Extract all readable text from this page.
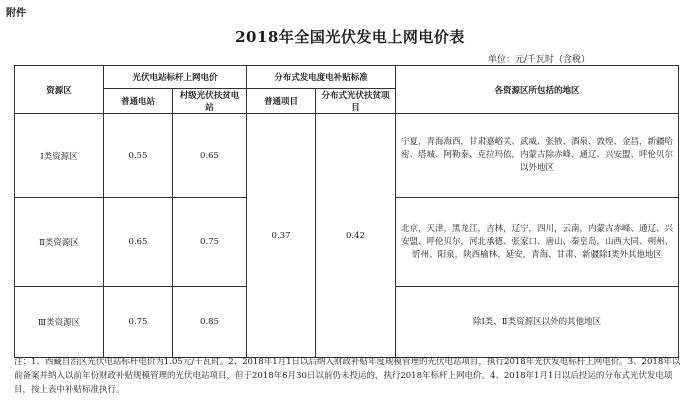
附件
2018年全国光伏发电上网电价表
单位：元/千瓦时（含税）
资源区	光伏电站标杆上网电价		分布式发电度电补贴标准		各资源区所包括的地区
	普通电站	村级光伏扶贫电站	普通项目	分布式光伏扶贫项目	
Ⅰ类资源区	0.55	0.65	0.37	0.42	宁夏，青海海西，甘肃嘉峪关、武威、张掖、酒泉、敦煌、金昌，新疆哈密、塔城、阿勒泰、克拉玛依，内蒙古除赤峰、通辽、兴安盟、呼伦贝尔以外地区
Ⅱ类资源区	0.65	0.75			北京，天津，黑龙江，吉林，辽宁，四川，云南，内蒙古赤峰、通辽、兴安盟、呼伦贝尔，河北承德、张家口、唐山、秦皇岛，山西大同、朔州、忻州、阳泉，陕西榆林、延安，青海、甘肃、新疆除Ⅰ类外其他地区
Ⅲ类资源区	0.75	0.85			除Ⅰ类、Ⅱ类资源区以外的其他地区
注：1、西藏自治区光伏电站标杆电价为1.05元/千瓦时。2、2018年1月1日以后纳入财政补贴年度规模管理的光伏电站项目，执行2018年光伏发电标杆上网电价。3、2018年以前备案并纳入以前年份财政补贴规模管理的光伏电站项目，但于2018年6月30日以前仍未投运的，执行2018年标杆上网电价。4、2018年1月1日以后投运的分布式光伏发电项目，按上表中补贴标准执行。
